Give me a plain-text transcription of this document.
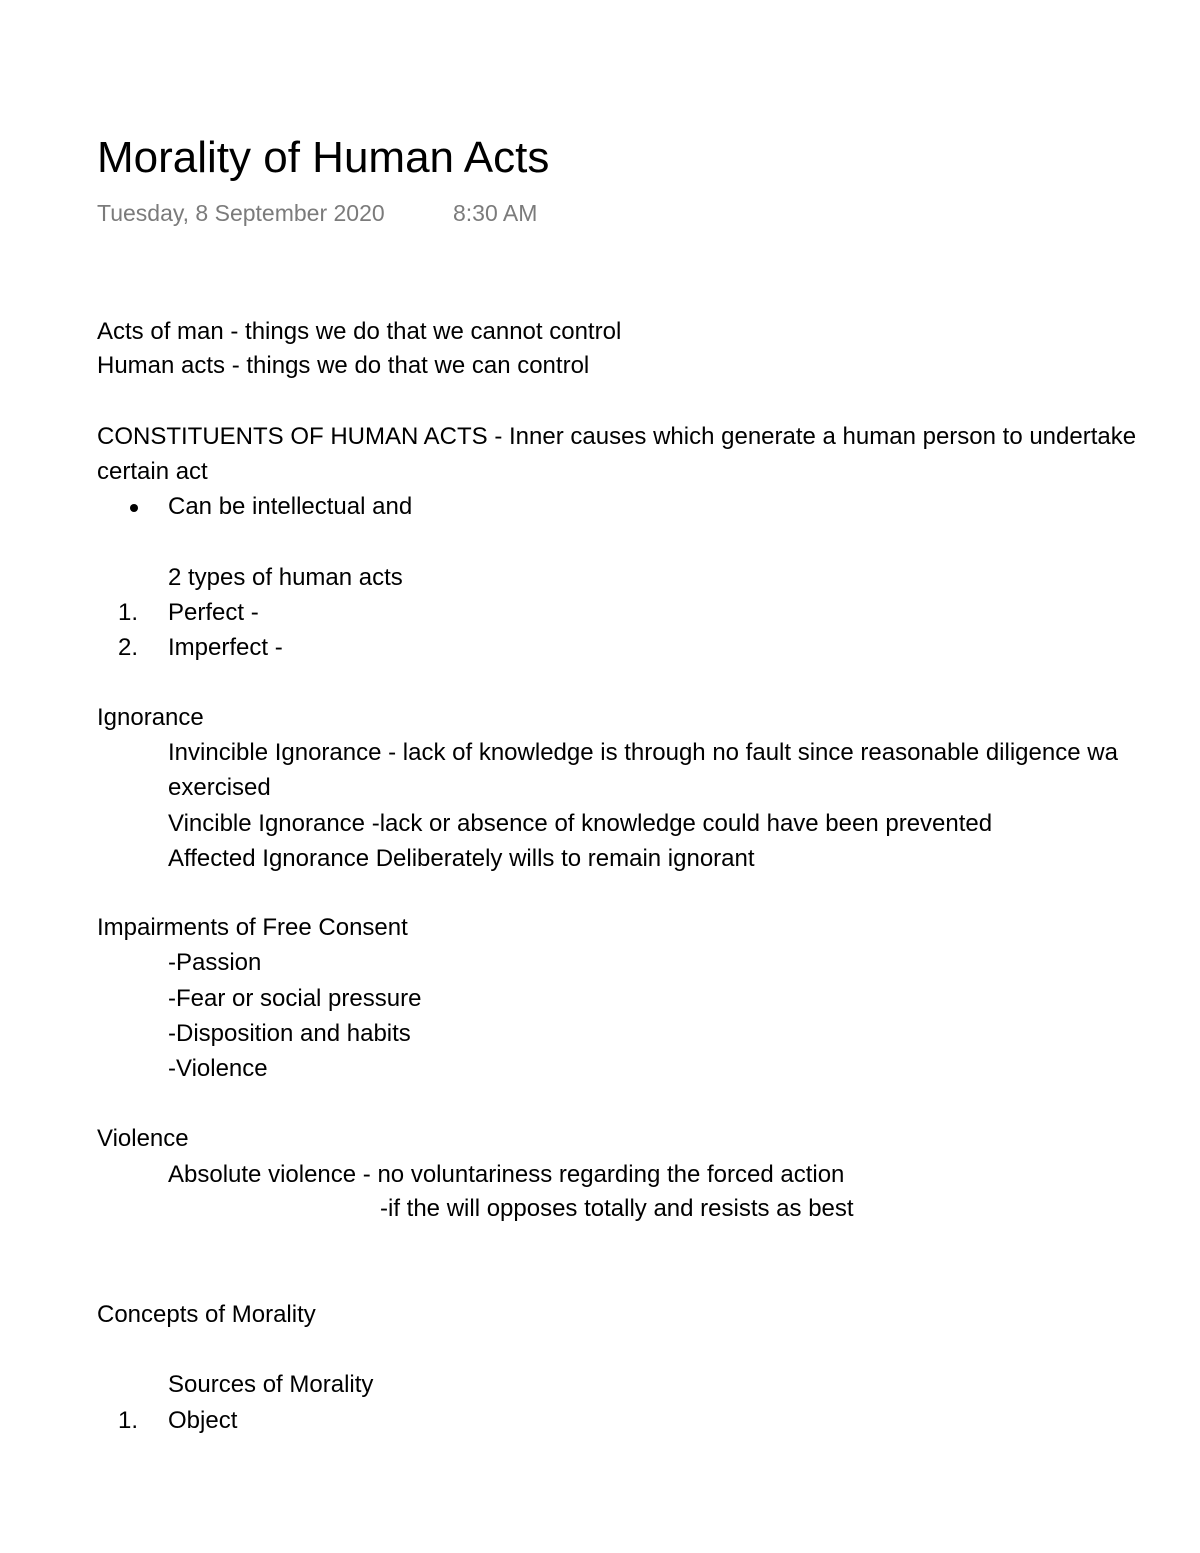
Morality of Human Acts
Tuesday, 8 September 2020	8:30 AM
Acts of man - things we do that we cannot control
Human acts - things we do that we can control
CONSTITUENTS OF HUMAN ACTS - Inner causes which generate a human person to undertake
certain act
Can be intellectual and
2 types of human acts
1. Perfect -
2. Imperfect -
Ignorance
Invincible Ignorance - lack of knowledge is through no fault since reasonable diligence wa
exercised
Vincible Ignorance -lack or absence of knowledge could have been prevented
Affected Ignorance Deliberately wills to remain ignorant
Impairments of Free Consent
-Passion
-Fear or social pressure
-Disposition and habits
-Violence
Violence
Absolute violence - no voluntariness regarding the forced action
-if the will opposes totally and resists as best
Concepts of Morality
Sources of Morality
1. Object
